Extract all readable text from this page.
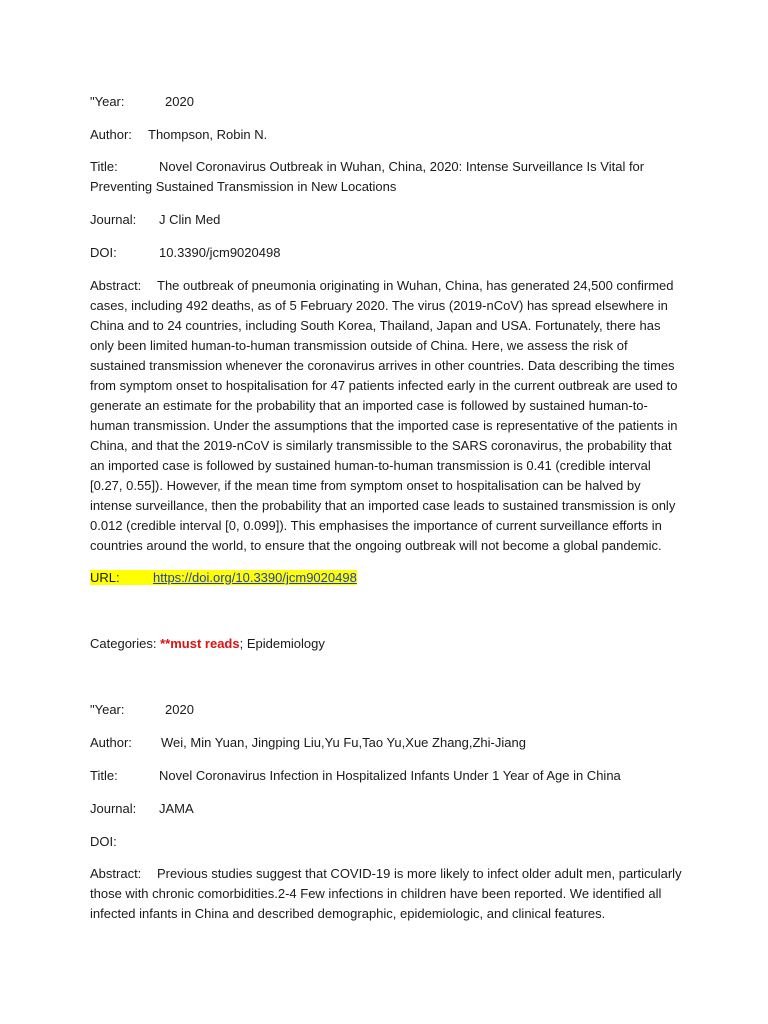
"Year:	2020
Author: Thompson, Robin N.
Title:	Novel Coronavirus Outbreak in Wuhan, China, 2020: Intense Surveillance Is Vital for
Preventing Sustained Transmission in New Locations
Journal: J Clin Med
DOI:	10.3390/jcm9020498
Abstract: The outbreak of pneumonia originating in Wuhan, China, has generated 24,500 confirmed cases, including 492 deaths, as of 5 February 2020. The virus (2019-nCoV) has spread elsewhere in China and to 24 countries, including South Korea, Thailand, Japan and USA. Fortunately, there has only been limited human-to-human transmission outside of China. Here, we assess the risk of sustained transmission whenever the coronavirus arrives in other countries. Data describing the times from symptom onset to hospitalisation for 47 patients infected early in the current outbreak are used to generate an estimate for the probability that an imported case is followed by sustained human-to-human transmission. Under the assumptions that the imported case is representative of the patients in China, and that the 2019-nCoV is similarly transmissible to the SARS coronavirus, the probability that an imported case is followed by sustained human-to-human transmission is 0.41 (credible interval [0.27, 0.55]). However, if the mean time from symptom onset to hospitalisation can be halved by intense surveillance, then the probability that an imported case leads to sustained transmission is only 0.012 (credible interval [0, 0.099]). This emphasises the importance of current surveillance efforts in countries around the world, to ensure that the ongoing outbreak will not become a global pandemic.
URL:	https://doi.org/10.3390/jcm9020498
Categories: **must reads; Epidemiology
"Year:	2020
Author: Wei, Min Yuan, Jingping Liu,Yu Fu,Tao Yu,Xue Zhang,Zhi-Jiang
Title:	Novel Coronavirus Infection in Hospitalized Infants Under 1 Year of Age in China
Journal: JAMA
DOI:
Abstract: Previous studies suggest that COVID-19 is more likely to infect older adult men, particularly those with chronic comorbidities.2-4 Few infections in children have been reported. We identified all infected infants in China and described demographic, epidemiologic, and clinical features.
